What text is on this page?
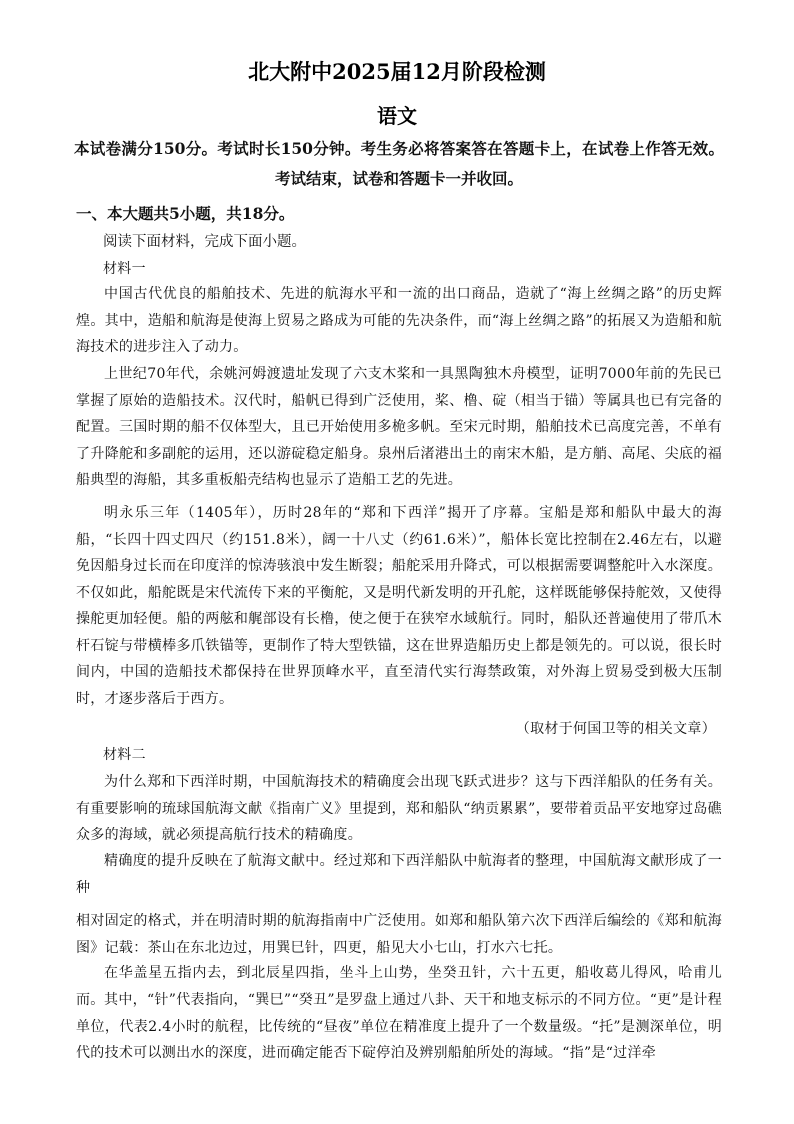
北大附中2025届12月阶段检测
语文
本试卷满分150分。考试时长150分钟。考生务必将答案答在答题卡上，在试卷上作答无效。考试结束，试卷和答题卡一并收回。
一、本大题共5小题，共18分。
阅读下面材料，完成下面小题。
材料一
中国古代优良的船舶技术、先进的航海水平和一流的出口商品，造就了“海上丝绸之路”的历史辉煌。其中，造船和航海是使海上贸易之路成为可能的先决条件，而“海上丝绸之路”的拓展又为造船和航海技术的进步注入了动力。
上世纪70年代，余姚河姆渡遗址发现了六支木桨和一具黑陶独木舟模型，证明7000年前的先民已掌握了原始的造船技术。汉代时，船帆已得到广泛使用，桨、橹、碇（相当于锚）等属具也已有完备的配置。三国时期的船不仅体型大，且已开始使用多桅多帆。至宋元时期，船舶技术已高度完善，不单有了升降舵和多副舵的运用，还以游碇稳定船身。泉州后渚港出土的南宋木船，是方艄、高尾、尖底的福船典型的海船，其多重板船壳结构也显示了造船工艺的先进。
明永乐三年（1405年），历时28年的“郑和下西洋”揭开了序幕。宝船是郑和船队中最大的海船，“长四十四丈四尺（约151.8米），阔一十八丈（约61.6米）”，船体长宽比控制在2.46左右，以避免因船身过长而在印度洋的惊涛骇浪中发生断裂；船舵采用升降式，可以根据需要调整舵叶入水深度。不仅如此，船舵既是宋代流传下来的平衡舵，又是明代新发明的开孔舵，这样既能够保持舵效，又使得操舵更加轻便。船的两舷和艉部设有长橹，使之便于在狭窄水域航行。同时，船队还普遍使用了带爪木杆石锭与带横棒多爪铁锚等，更制作了特大型铁锚，这在世界造船历史上都是领先的。可以说，很长时间内，中国的造船技术都保持在世界顶峰水平，直至清代实行海禁政策，对外海上贸易受到极大压制时，才逐步落后于西方。
（取材于何国卫等的相关文章）
材料二
为什么郑和下西洋时期，中国航海技术的精确度会出现飞跃式进步？这与下西洋船队的任务有关。有重要影响的琉球国航海文献《指南广义》里提到，郑和船队“纳贡累累”，要带着贡品平安地穿过岛礁众多的海域，就必须提高航行技术的精确度。
精确度的提升反映在了航海文献中。经过郑和下西洋船队中航海者的整理，中国航海文献形成了一种
相对固定的格式，并在明清时期的航海指南中广泛使用。如郑和船队第六次下西洋后编绘的《郑和航海图》记载：茶山在东北边过，用巽巳针，四更，船见大小七山，打水六七托。
在华盖星五指内去，到北辰星四指，坐斗上山势，坐癸丑针，六十五更，船收葛儿得风，哈甫儿而。 其中，“针”代表指向，“巽巳”“癸丑”是罗盘上通过八卦、天干和地支标示的不同方位。“更”是计程单位，代表2.4小时的航程，比传统的“昼夜”单位在精准度上提升了一个数量级。“托”是测深单位，明代的技术可以测出水的深度，进而确定能否下碇停泊及辨别船舶所处的海域。“指”是“过洋牵
